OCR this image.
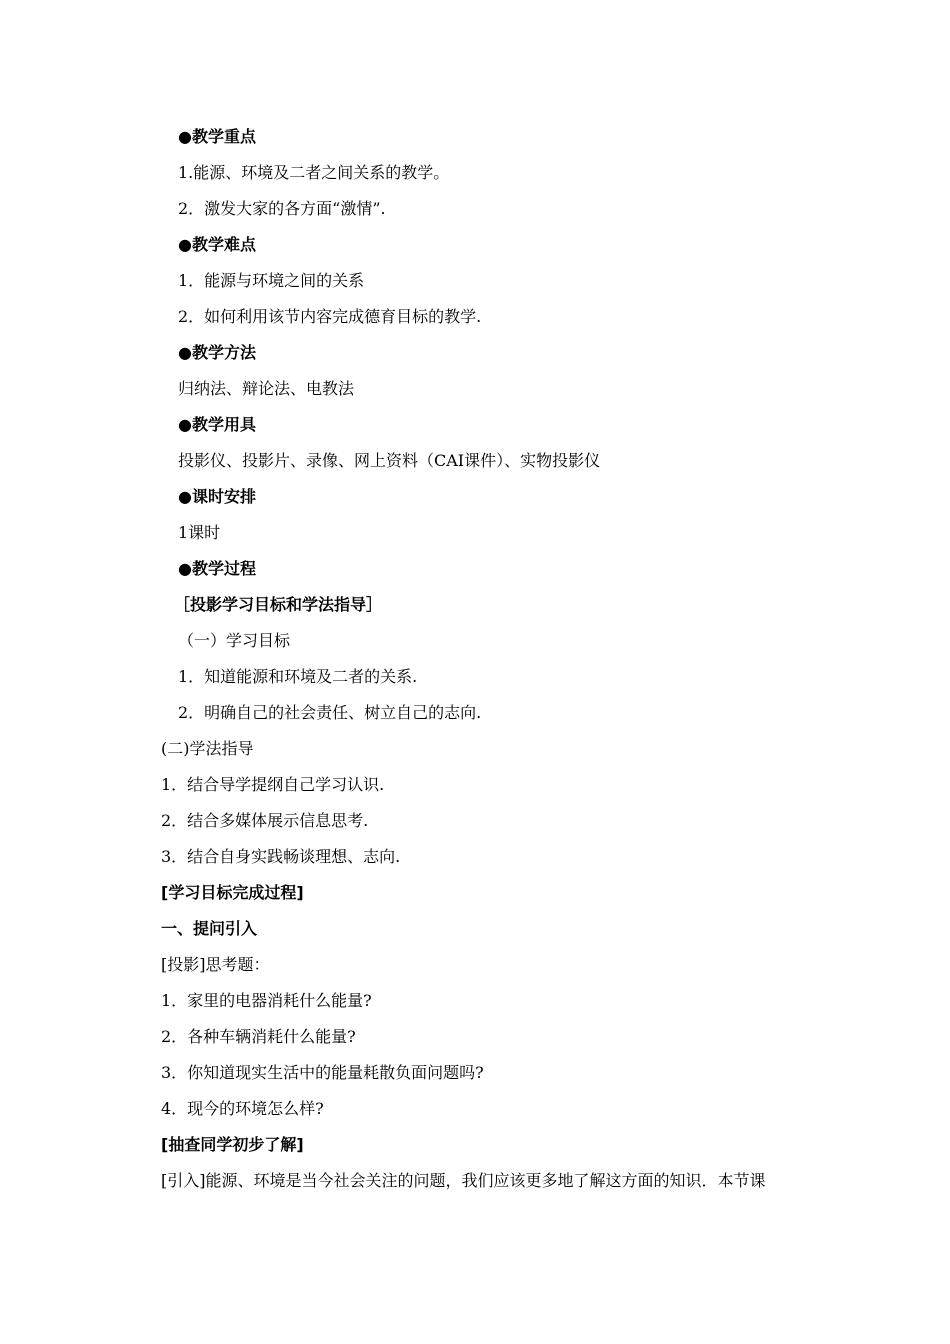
●教学重点
1.能源、环境及二者之间关系的教学。
2．激发大家的各方面“激情”.
●教学难点
1．能源与环境之间的关系
2．如何利用该节内容完成德育目标的教学.
●教学方法
归纳法、辩论法、电教法
●教学用具
投影仪、投影片、录像、网上资料（CAI课件）、实物投影仪
●课时安排
1课时
●教学过程
［投影学习目标和学法指导］
（一）学习目标
1．知道能源和环境及二者的关系.
2．明确自己的社会责任、树立自己的志向.
(二)学法指导
1．结合导学提纲自己学习认识.
2．结合多媒体展示信息思考.
3．结合自身实践畅谈理想、志向.
[学习目标完成过程]
一、提问引入
[投影]思考题：
1．家里的电器消耗什么能量?
2．各种车辆消耗什么能量?
3．你知道现实生活中的能量耗散负面问题吗?
4．现今的环境怎么样?
[抽查同学初步了解]
[引入]能源、环境是当今社会关注的问题，我们应该更多地了解这方面的知识．本节课
